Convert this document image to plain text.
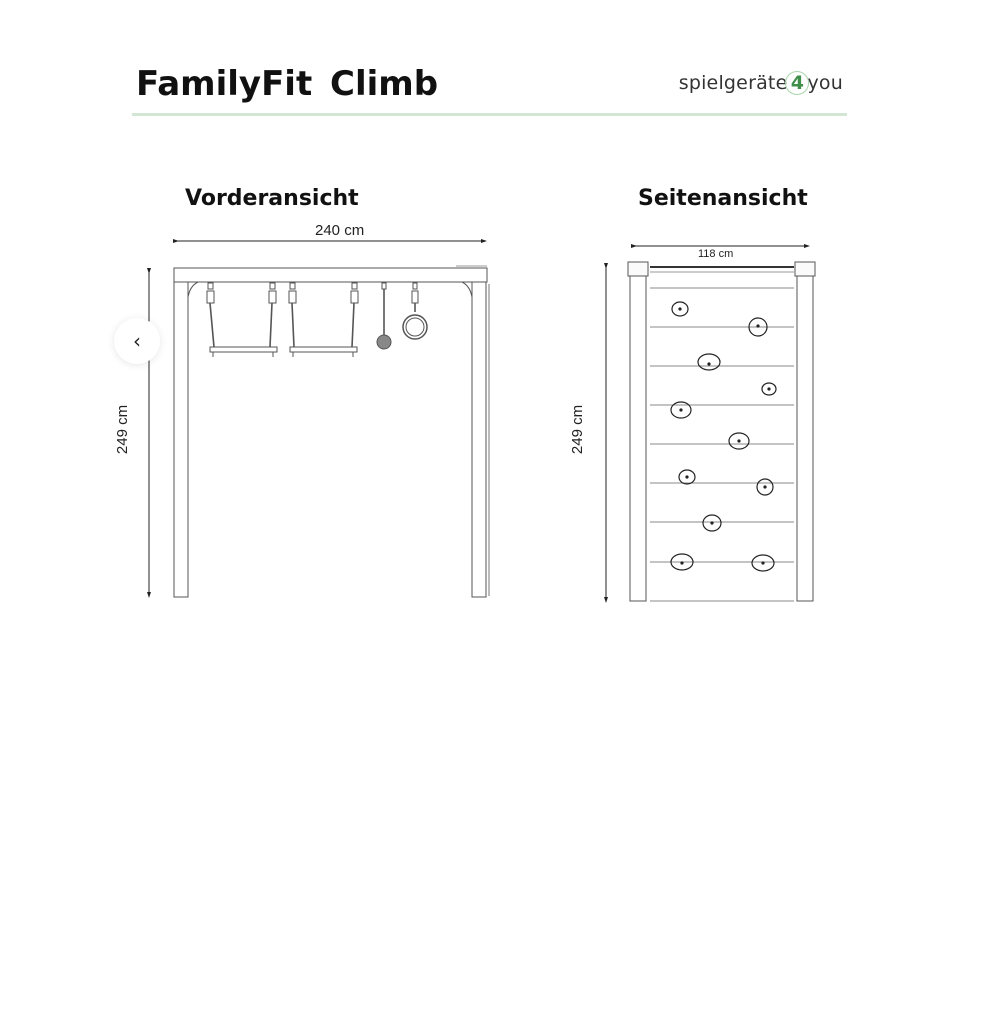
FamilyFit Climb	spielgeräte 4 you
Vorderansicht	Seitenansicht
240 cm
249 cm
118 cm
249 cm
‹
